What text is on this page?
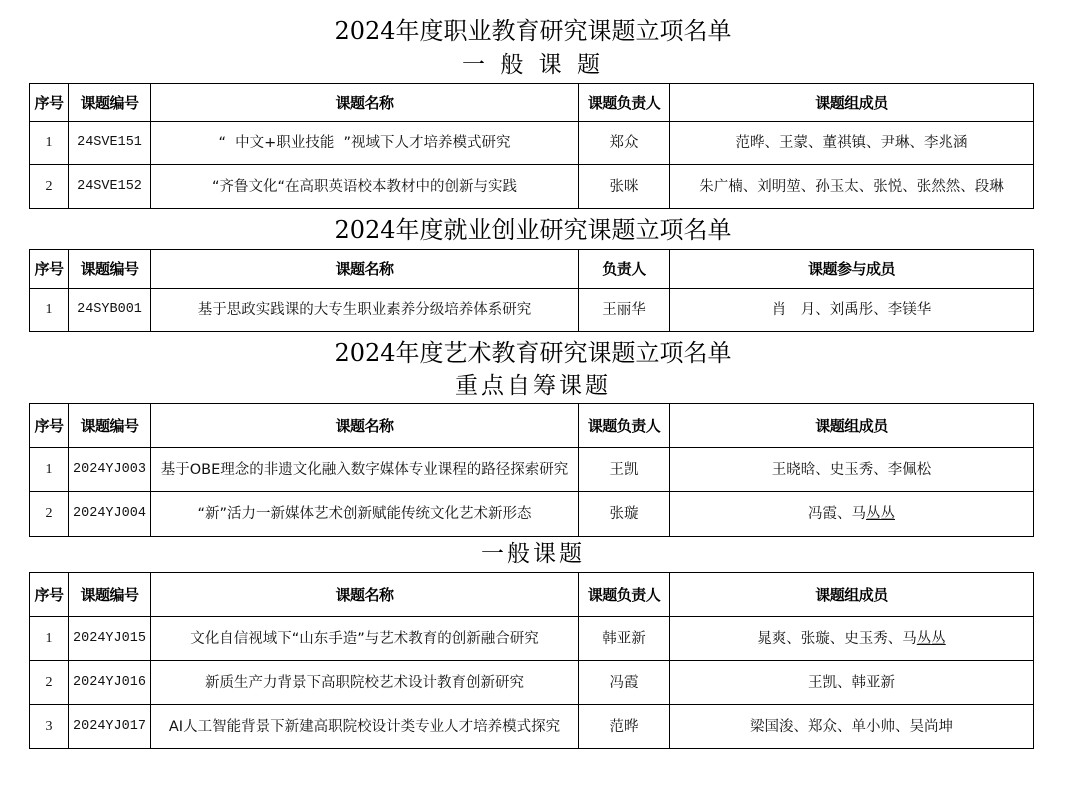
2024年度职业教育研究课题立项名单
一 般 课 题
序号	课题编号	课题名称	课题负责人	课题组成员
1	24SVE151	“  中文+职业技能  ”视域下人才培养模式研究	郑众	范晔、王蒙、董祺镇、尹琳、李兆涵
2	24SVE152	“齐鲁文化“在高职英语校本教材中的创新与实践	张咪	朱广楠、刘明堃、孙玉太、张悦、张然然、段琳
2024年度就业创业研究课题立项名单
序号	课题编号	课题名称	负责人	课题参与成员
1	24SYB001	基于思政实践课的大专生职业素养分级培养体系研究	王丽华	肖　月、刘禹彤、李镁华
2024年度艺术教育研究课题立项名单
重点自筹课题
序号	课题编号	课题名称	课题负责人	课题组成员
1	2024YJ003	基于OBE理念的非遗文化融入数字媒体专业课程的路径探索研究	王凯	王晓晗、史玉秀、李佩松
2	2024YJ004	“新”活力一新媒体艺术创新赋能传统文化艺术新形态	张璇	冯霞、马丛丛
一般课题
序号	课题编号	课题名称	课题负责人	课题组成员
1	2024YJ015	文化自信视域下“山东手造”与艺术教育的创新融合研究	韩亚新	晁爽、张璇、史玉秀、马丛丛
2	2024YJ016	新质生产力背景下高职院校艺术设计教育创新研究	冯霞	王凯、韩亚新
3	2024YJ017	AI人工智能背景下新建高职院校设计类专业人才培养模式探究	范晔	梁国浚、郑众、单小帅、吴尚坤
